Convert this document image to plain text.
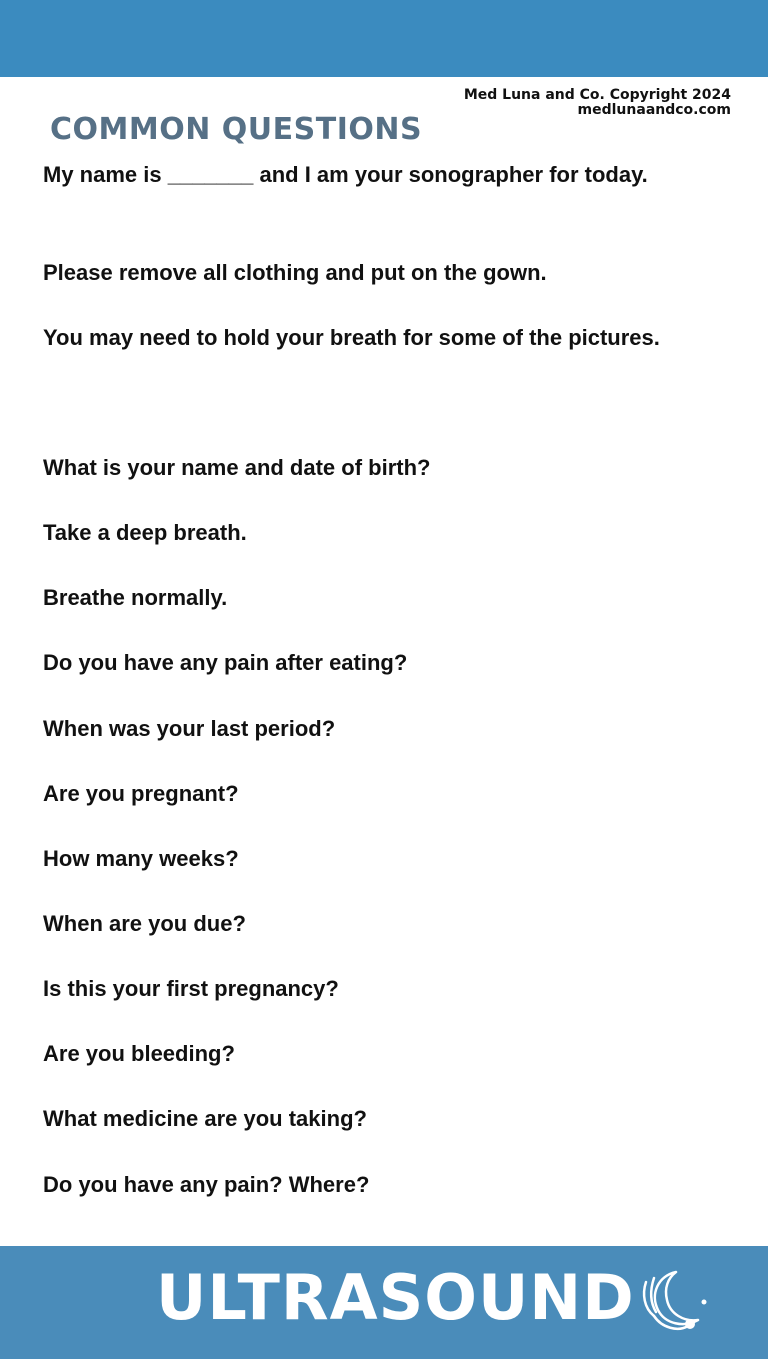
Med Luna and Co. Copyright 2024
medlunaandco.com
COMMON QUESTIONS
My name is _______ and I am your sonographer for today.
Please remove all clothing and put on the gown.
You may need to hold your breath for some of the pictures.
What is your name and date of birth?
Take a deep breath.
Breathe normally.
Do you have any pain after eating?
When was your last period?
Are you pregnant?
How many weeks?
When are you due?
Is this your first pregnancy?
Are you bleeding?
What medicine are you taking?
Do you have any pain? Where?
ULTRASOUND
